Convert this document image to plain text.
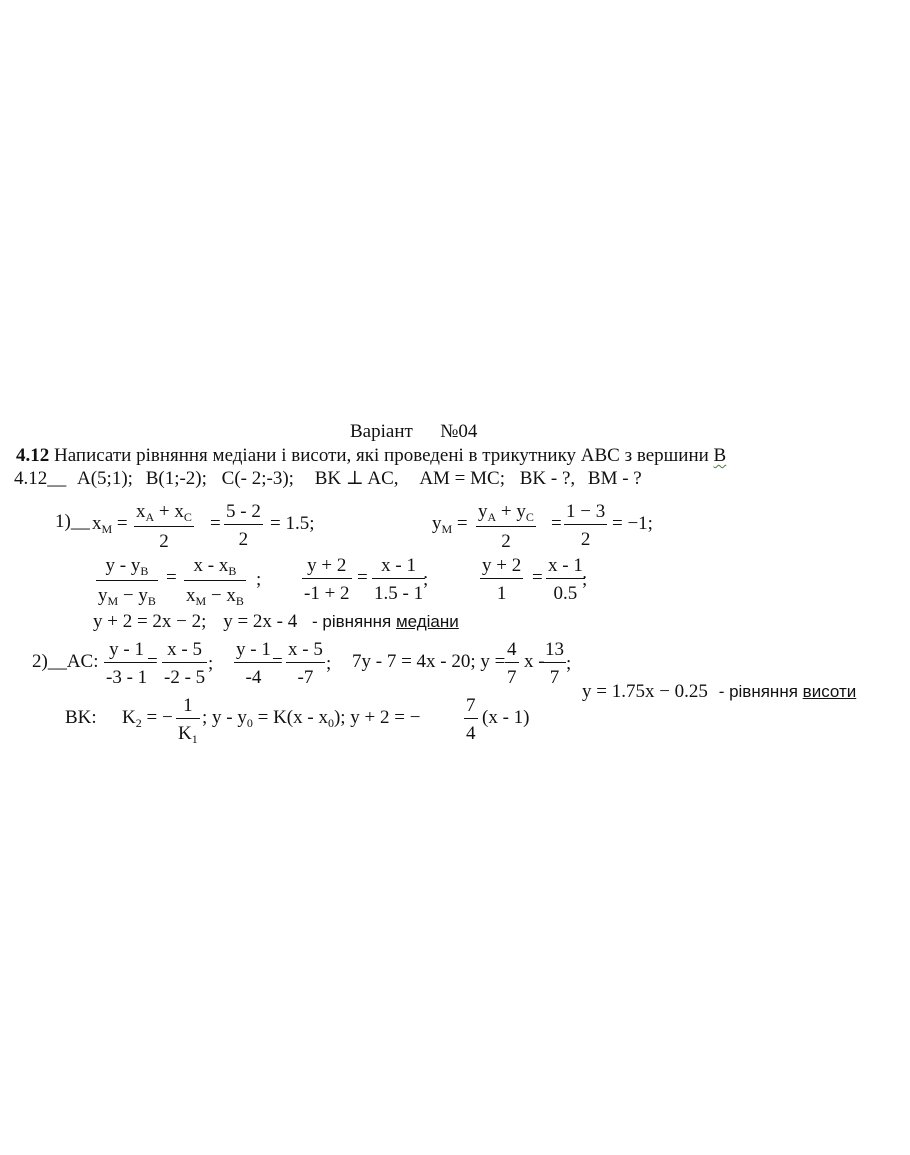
Варіант №04
4.12 Написати рівняння медіани і висоти, які проведені в трикутнику АВС з вершини В
4.12__ A(5;1); B(1;-2); C(- 2;-3); BK ⊥ AC, AM = MC; BK - ?, BM - ?
1)__ $x_M = \frac{x_A + x_C}{2} = \frac{5 - 2}{2} = 1.5$;	$y_M = \frac{y_A + y_C}{2} = \frac{1 - 3}{2} = -1$;
$\frac{y - y_B}{y_M - y_B} = \frac{x - x_B}{x_M - x_B}$ ; $\frac{y + 2}{-1 + 2} = \frac{x - 1}{1.5 - 1}$
;	$\frac{y + 2}{1} = \frac{x - 1}{0.5}$
;
y + 2 = 2x − 2; y = 2x - 4 - рівняння медіани
2)__AC: $\frac{y - 1}{-3 - 1}$
= $\frac{x - 5}{-2 - 5}$ ; $\frac{y - 1}{-4} = \frac{x - 5}{-7}$ ; 7y - 7 = 4x - 20; $y = \frac{4}{7}$ x -
$\frac{13}{7}$ ;
y = 1.75x − 0.25 - рівняння висоти
BK: $K_2$ = − $\frac{1}{K_1}$ ; $y - y_0 = K(x - x_0)$; y + 2 = − $\frac{7}{4} (x - 1)$
